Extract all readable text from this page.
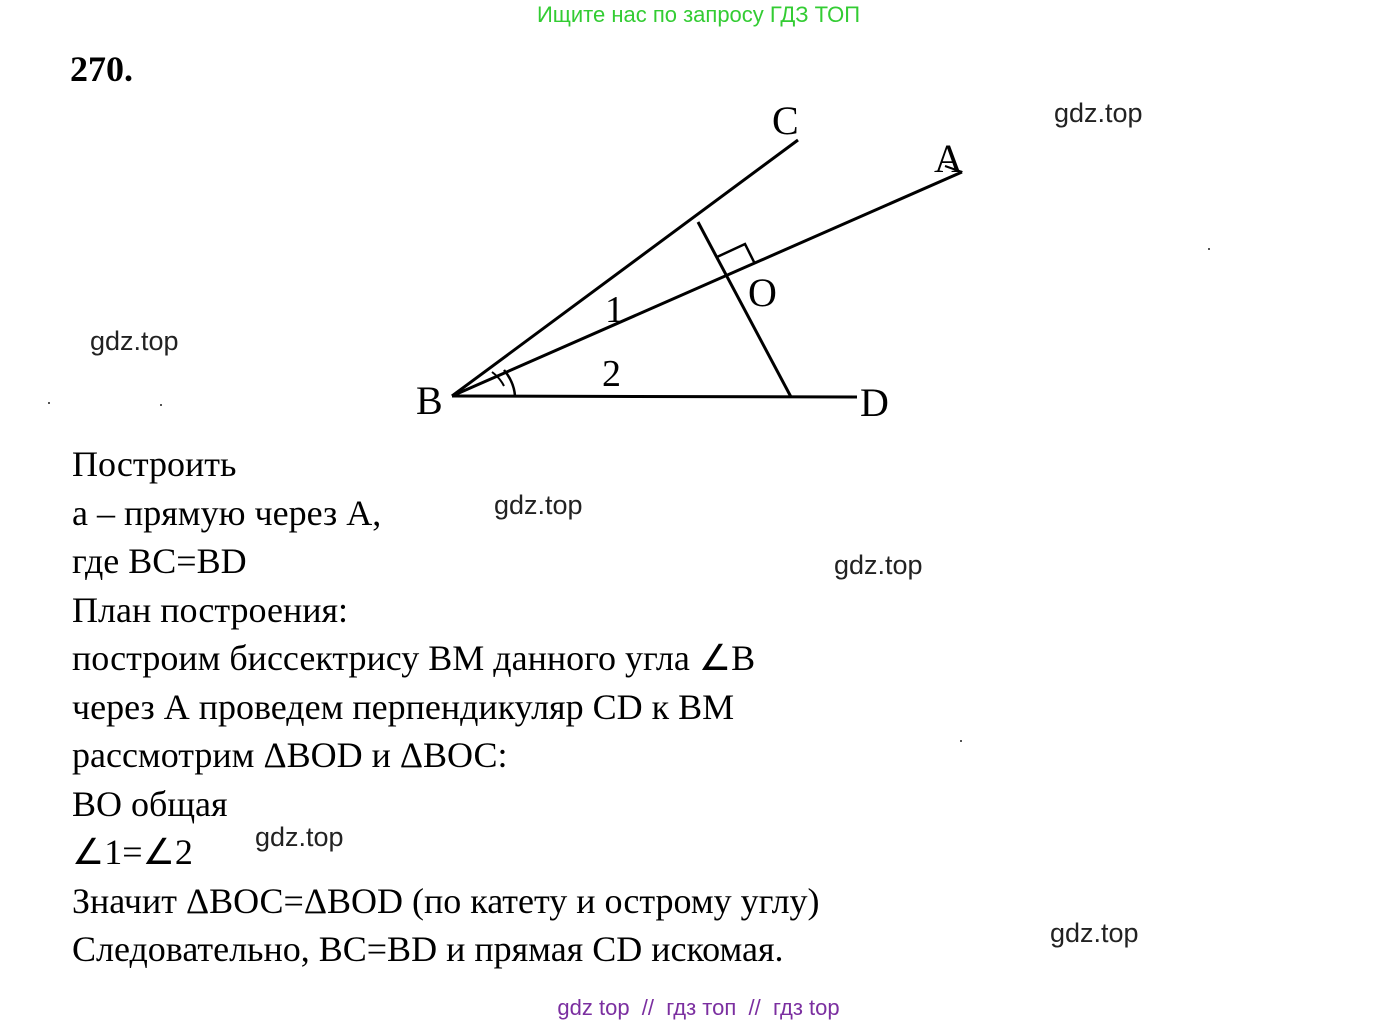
Ищите нас по запросу ГДЗ ТОП
270.
C
A
O
B	D
1
2
gdz.top
gdz.top
gdz.top
gdz.top
gdz.top
gdz.top
Построить
а – прямую через А,
где ВС=BD
План построения:
построим биссектрису ВМ данного угла ∠В
через А проведем перпендикуляр CD к ВМ
рассмотрим ΔBOD и ΔВОС:
ВО общая
∠1=∠2
Значит ΔВОС=ΔBOD (по катету и острому углу)
Следовательно, ВС=BD и прямая CD искомая.
gdz top  //  гдз топ  //  гдз top
